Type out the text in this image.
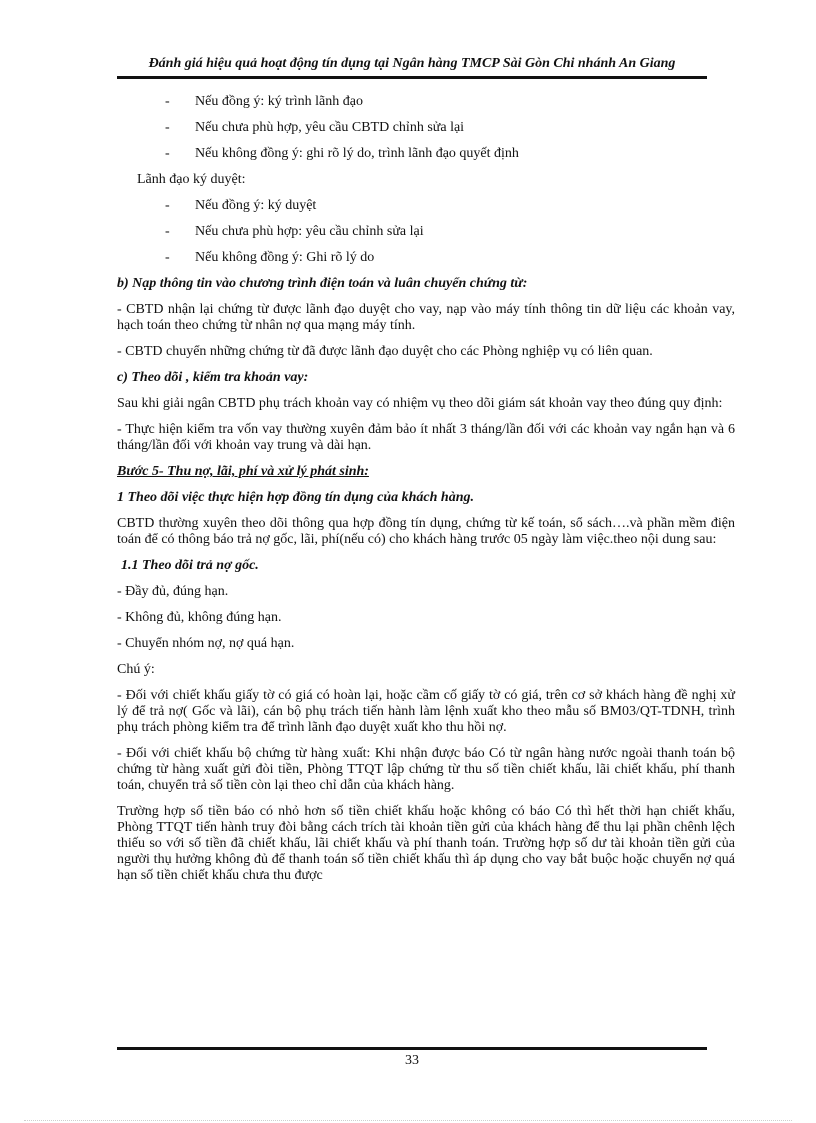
Đánh giá hiệu quả hoạt động tín dụng tại Ngân hàng TMCP Sài Gòn Chi nhánh An Giang

- Nếu đồng ý: ký trình lãnh đạo

- Nếu chưa phù hợp, yêu cầu CBTD chỉnh sửa lại

- Nếu không đồng ý: ghi rõ lý do, trình lãnh đạo quyết định

Lãnh đạo ký duyệt:

- Nếu đồng ý: ký duyệt

- Nếu chưa phù hợp: yêu cầu chỉnh sửa lại

- Nếu không đồng ý: Ghi rõ lý do

b) Nạp thông tin vào chương trình điện toán và luân chuyển chứng từ:

- CBTD nhận lại chứng từ được lãnh đạo duyệt cho vay, nạp vào máy tính thông tin dữ liệu các khoản vay, hạch toán theo chứng từ nhân nợ qua mạng máy tính.

- CBTD chuyển những chứng từ đã được lãnh đạo duyệt cho các Phòng nghiệp vụ có liên quan.

c) Theo dõi , kiểm tra khoản vay:

Sau khi giải ngân CBTD phụ trách khoản vay có nhiệm vụ theo dõi giám sát khoản vay theo đúng quy định:

- Thực hiện kiểm tra vốn vay thường xuyên đảm bảo ít nhất 3 tháng/lần đối với các khoản vay ngắn hạn và 6 tháng/lần đối với khoản vay trung và dài hạn.

Bước 5- Thu nợ, lãi, phí và xử lý phát sinh:

1 Theo dõi việc thực hiện hợp đồng tín dụng của khách hàng.

CBTD thường xuyên theo dõi thông qua hợp đồng tín dụng, chứng từ kế toán, sổ sách….và phần mềm điện toán để có thông báo trả nợ gốc, lãi, phí(nếu có) cho khách hàng trước 05 ngày làm việc.theo nội dung sau:

1.1 Theo dõi trả nợ gốc.

- Đầy đủ, đúng hạn.

- Không đủ, không đúng hạn.

- Chuyển nhóm nợ, nợ quá hạn.

Chú ý:

- Đối với chiết khấu giấy tờ có giá có hoàn lại, hoặc cầm cố giấy tờ có giá, trên cơ sở khách hàng đề nghị xử lý để trả nợ( Gốc và lãi), cán bộ phụ trách tiến hành làm lệnh xuất kho theo mẫu số BM03/QT-TDNH, trình phụ trách phòng kiểm tra để trình lãnh đạo duyệt xuất kho thu hồi nợ.

- Đối với chiết khấu bộ chứng từ hàng xuất: Khi nhận được báo Có từ ngân hàng nước ngoài thanh toán bộ chứng từ hàng xuất gửi đòi tiền, Phòng TTQT lập chứng từ thu số tiền chiết khấu, lãi chiết khấu, phí thanh toán, chuyển trả số tiền còn lại theo chỉ dẫn của khách hàng.

Trường hợp số tiền báo có nhỏ hơn số tiền chiết khấu hoặc không có báo Có thì hết thời hạn chiết khấu, Phòng TTQT tiến hành truy đòi bằng cách trích tài khoản tiền gửi của khách hàng để thu lại phần chênh lệch thiếu so với số tiền đã chiết khấu, lãi chiết khấu và phí thanh toán. Trường hợp số dư tài khoản tiền gửi của người thụ hưởng không đủ để thanh toán số tiền chiết khấu thì áp dụng cho vay bắt buộc hoặc chuyển nợ quá hạn số tiền chiết khấu chưa thu được

33
